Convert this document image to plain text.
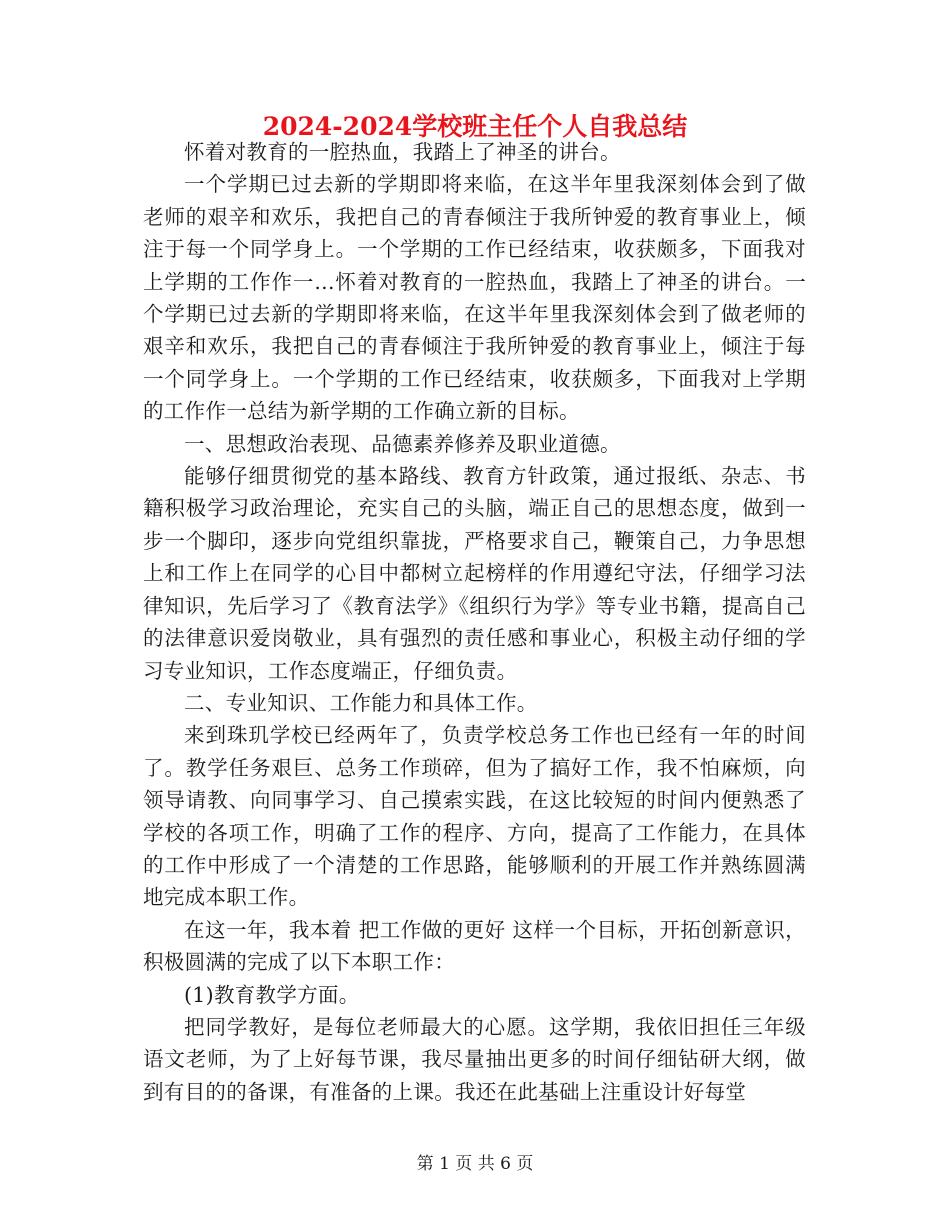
2024-2024学校班主任个人自我总结

怀着对教育的一腔热血，我踏上了神圣的讲台。

一个学期已过去新的学期即将来临，在这半年里我深刻体会到了做老师的艰辛和欢乐，我把自己的青春倾注于我所钟爱的教育事业上，倾注于每一个同学身上。一个学期的工作已经结束，收获颇多，下面我对上学期的工作作一...怀着对教育的一腔热血，我踏上了神圣的讲台。一个学期已过去新的学期即将来临，在这半年里我深刻体会到了做老师的艰辛和欢乐，我把自己的青春倾注于我所钟爱的教育事业上，倾注于每一个同学身上。一个学期的工作已经结束，收获颇多，下面我对上学期的工作作一总结为新学期的工作确立新的目标。

一、思想政治表现、品德素养修养及职业道德。

能够仔细贯彻党的基本路线、教育方针政策，通过报纸、杂志、书籍积极学习政治理论，充实自己的头脑，端正自己的思想态度，做到一步一个脚印，逐步向党组织靠拢，严格要求自己，鞭策自己，力争思想上和工作上在同学的心目中都树立起榜样的作用遵纪守法，仔细学习法律知识，先后学习了《教育法学》《组织行为学》等专业书籍，提高自己的法律意识爱岗敬业，具有强烈的责任感和事业心，积极主动仔细的学习专业知识，工作态度端正，仔细负责。

二、专业知识、工作能力和具体工作。

来到珠玑学校已经两年了，负责学校总务工作也已经有一年的时间了。教学任务艰巨、总务工作琐碎，但为了搞好工作，我不怕麻烦，向领导请教、向同事学习、自己摸索实践，在这比较短的时间内便熟悉了学校的各项工作，明确了工作的程序、方向，提高了工作能力，在具体的工作中形成了一个清楚的工作思路，能够顺利的开展工作并熟练圆满地完成本职工作。

在这一年，我本着 把工作做的更好 这样一个目标，开拓创新意识，积极圆满的完成了以下本职工作：

(1)教育教学方面。

把同学教好，是每位老师最大的心愿。这学期，我依旧担任三年级语文老师，为了上好每节课，我尽量抽出更多的时间仔细钻研大纲，做到有目的的备课，有准备的上课。我还在此基础上注重设计好每堂

第 1 页 共 6 页
